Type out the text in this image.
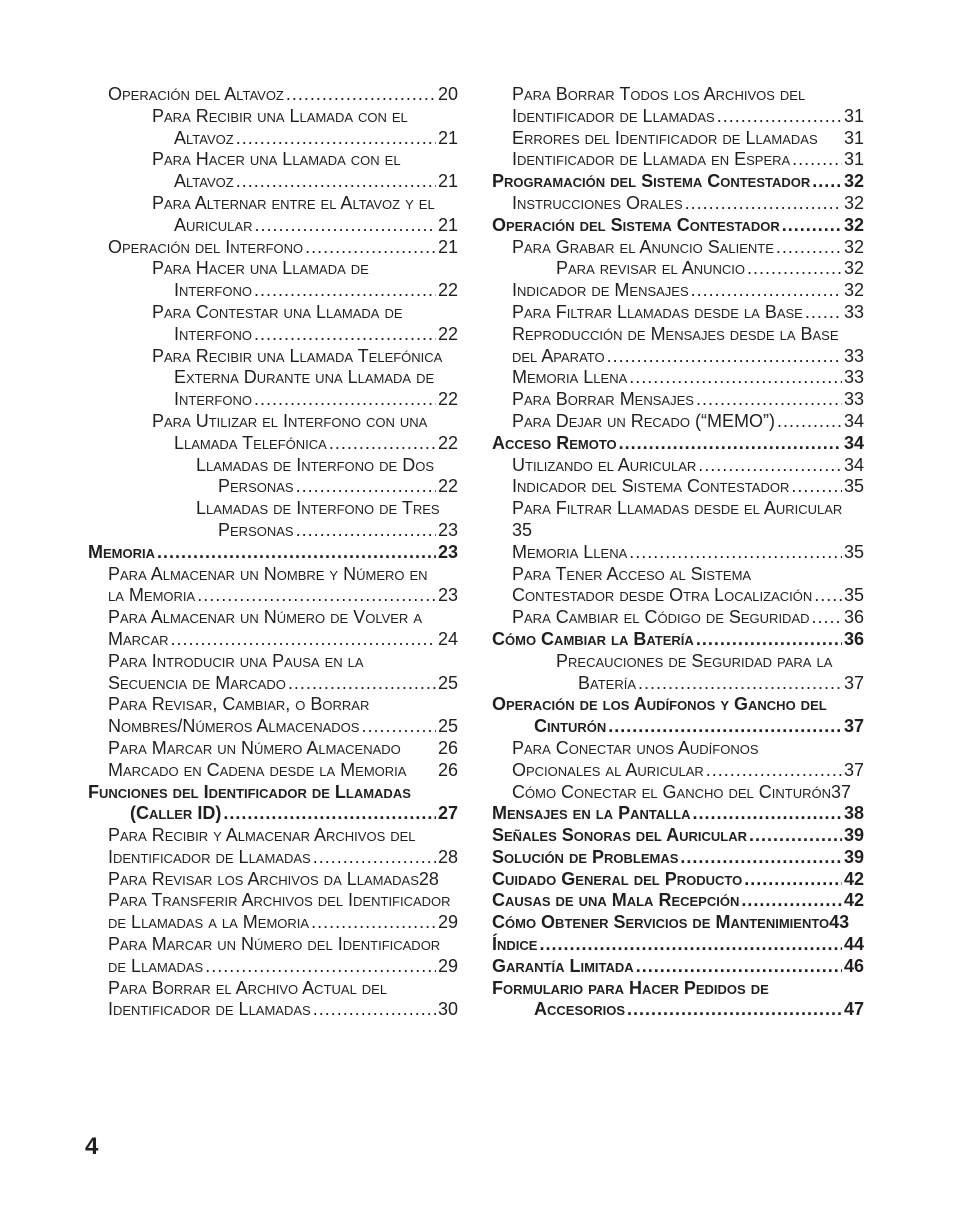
Operación del Altavoz .....	20
Para Recibir una Llamada con el
Altavoz .....	21
Para Hacer una Llamada con el
Altavoz .....	21
Para Alternar entre el Altavoz y el
Auricular .....	21
Operación del Interfono .....	21
Para Hacer una Llamada de
Interfono .....	22
Para Contestar una Llamada de
Interfono .....	22
Para Recibir una Llamada Telefónica
Externa Durante una Llamada de
Interfono .....	22
Para Utilizar el Interfono con una
Llamada Telefónica .....	22
Llamadas de Interfono de Dos
Personas .....	22
Llamadas de Interfono de Tres
Personas .....	23
Memoria .....	23
Para Almacenar un Nombre y Número en
la Memoria .....	23
Para Almacenar un Número de Volver a
Marcar .....	24
Para Introducir una Pausa en la
Secuencia de Marcado .....	25
Para Revisar, Cambiar, o Borrar
Nombres/Números Almacenados .....	25
Para Marcar un Número Almacenado 26
Marcado en Cadena desde la Memoria 26
Funciones del Identificador de Llamadas
(Caller ID) .....	27
Para Recibir y Almacenar Archivos del
Identificador de Llamadas .....	28
Para Revisar los Archivos da Llamadas28
Para Transferir Archivos del Identificador
de Llamadas a la Memoria .....	29
Para Marcar un Número del Identificador
de Llamadas .....	29
Para Borrar el Archivo Actual del
Identificador de Llamadas .....	30
Para Borrar Todos los Archivos del
Identificador de Llamadas .....	31
Errores del Identificador de Llamadas 31
Identificador de Llamada en Espera .....	31
Programación del Sistema Contestador ..... 32
Instrucciones Orales .....	32
Operación del Sistema Contestador .....	32
Para Grabar el Anuncio Saliente .....	32
Para revisar el Anuncio .....	32
Indicador de Mensajes .....	32
Para Filtrar Llamadas desde la Base ..... 33
Reproducción de Mensajes desde la Base
del Aparato .....	33
Memoria Llena .....	33
Para Borrar Mensajes .....	33
Para Dejar un Recado (“MEMO”) .....	34
Acceso Remoto .....	34
Utilizando el Auricular .....	34
Indicador del Sistema Contestador .....	35
Para Filtrar Llamadas desde el Auricular
35
Memoria Llena .....	35
Para Tener Acceso al Sistema
Contestador desde Otra Localización ..... 35
Para Cambiar el Código de Seguridad ..... 36
Cómo Cambiar la Batería .....	36
Precauciones de Seguridad para la
Batería .....	37
Operación de los Audífonos y Gancho del
Cinturón .....	37
Para Conectar unos Audífonos
Opcionales al Auricular .....	37
Cómo Conectar el Gancho del Cinturón37
Mensajes en la Pantalla .....	38
Señales Sonoras del Auricular .....	39
Solución de Problemas .....	39
Cuidado General del Producto .....	42
Causas de una Mala Recepción .....	42
Cómo Obtener Servicios de Mantenimiento43
Índice .....	44
Garantía Limitada .....	46
Formulario para Hacer Pedidos de
Accesorios .....	47
4
